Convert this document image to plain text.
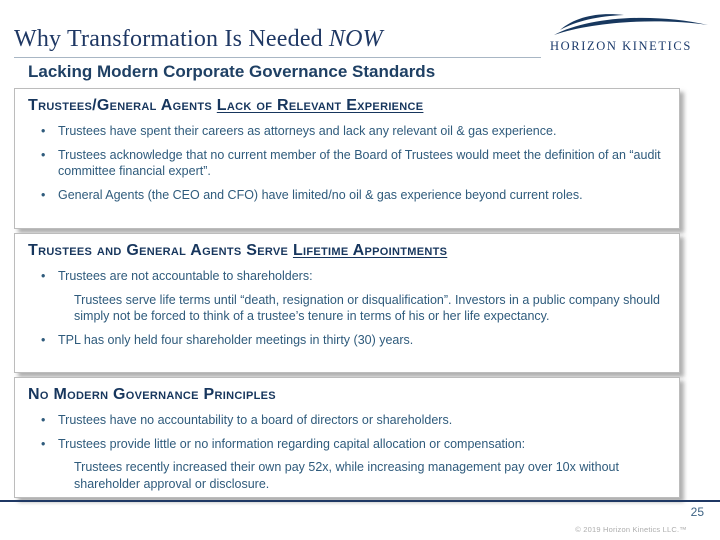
Why Transformation Is Needed NOW
Lacking Modern Corporate Governance Standards
HORIZON KINETICS
Trustees/General Agents Lack of Relevant Experience
• Trustees have spent their careers as attorneys and lack any relevant oil & gas experience.
• Trustees acknowledge that no current member of the Board of Trustees would meet the definition of an “audit committee financial expert”.
• General Agents (the CEO and CFO) have limited/no oil & gas experience beyond current roles.
Trustees and General Agents Serve Lifetime Appointments
• Trustees are not accountable to shareholders:
Trustees serve life terms until “death, resignation or disqualification”. Investors in a public company should simply not be forced to think of a trustee’s tenure in terms of his or her life expectancy.
• TPL has only held four shareholder meetings in thirty (30) years.
No Modern Governance Principles
• Trustees have no accountability to a board of directors or shareholders.
• Trustees provide little or no information regarding capital allocation or compensation:
Trustees recently increased their own pay 52x, while increasing management pay over 10x without shareholder approval or disclosure.
25
© 2019 Horizon Kinetics LLC.™
